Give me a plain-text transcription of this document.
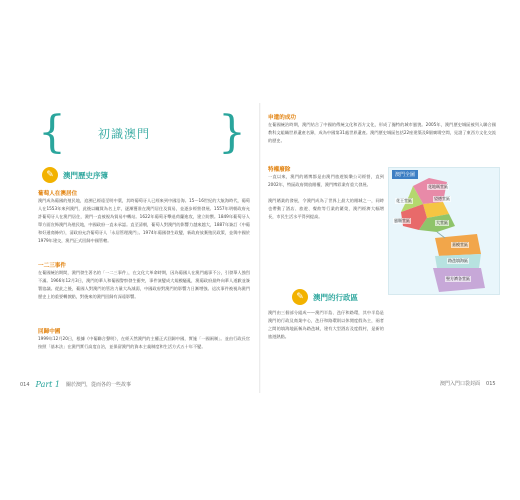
{	初識澳門 }
✎	澳門歷史序簿
葡萄人在澳居住
澳門成為葡國的殖民地，追溯已經遠至明中葉，其時葡萄牙人已經來到中國沿海。15～16世紀的大航海時代，葡萄人在1553年來到澳門，此後以曬貨為名上岸，逐漸獲准在澳門居住及貿易，並逐步經營發展。1557年明朝政府允許葡萄牙人在澳門居住，澳門一直被視為貿易中轉站。1622年葡萄牙擊退荷蘭進攻，建立防禦。1849年葡萄牙人單方面宣佈澳門為殖民地，中國政府一直未承認。直至清朝，葡萄人對澳門的影響力越來越大，1887年簽訂《中葡和好通商條約》，清政府允許葡萄牙人「永居管理澳門」。1974年葡國發生政變，新政府放棄殖民政策，並與中國於1979年建交，澳門正式回歸中國管轄。
一二三事件
在葡國統治期間，澳門發生著名的「一二三事件」，在文化大革命時期，因為葡國人在澳門處事不公，引發華人強烈不滿。1966年12月3日，澳門的華人和葡國警察發生衝突，事件演變成大規模騷亂，澳葡政府最終向華人道歉並簽署協議。從此之後，葡國人對澳門的管治力量大為減弱，中國政府對澳門的影響力日漸增強。這次事件被視為澳門歷史上的重要轉捩點，對後來的澳門回歸有深遠影響。
回歸中國
1999年12月20日，根據《中葡聯合聲明》，在經天然澳門的主權正式回歸中國，實施「一國兩制」。並由行政長官按照「基本法」在澳門實行高度自治，並保留澳門的資本主義制度和生活方式五十年不變。
申遺的成功
在葡國統治時期，澳門結合了中國的傳統文化和西方文化，形成了獨特的城市風貌。2005年，澳門歷史城區被列入聯合國教科文組織世界遺產名錄，成為中國第31處世界遺產。澳門歷史城區包括22座建築及8個廣場空間，見證了東西方文化交流的歷史。
特權廢除
一直以來，澳門的賭博都是由澳門旅遊娛樂公司經營，直到2002年，特區政府開放賭權，澳門博彩業有重大發展。
澳門賭業的發展，令澳門成為了世界上最大的賭城之一，同時也帶動了酒店、旅遊、餐飲等行業的繁榮，澳門經濟大幅增長，市民生活水平得到提高。
澳門全圖
花地瑪堂區
望德堂區
風順堂區	大堂區
花王堂區
嘉模堂區
路氹填海區
聖方濟各堂區
✎	澳門的行政區
澳門由三個部分組成——澳門半島、氹仔和路環，其中半島是澳門的行政及商業中心，氹仔和路環則以休閒度假為主，兩者之間的填海地區稱為路氹城，建有大型酒店及度假村，是新的旅遊熱點。
014 Part 1 關於澳門，從而各的一些故事	澳門入門口袋封面 015
